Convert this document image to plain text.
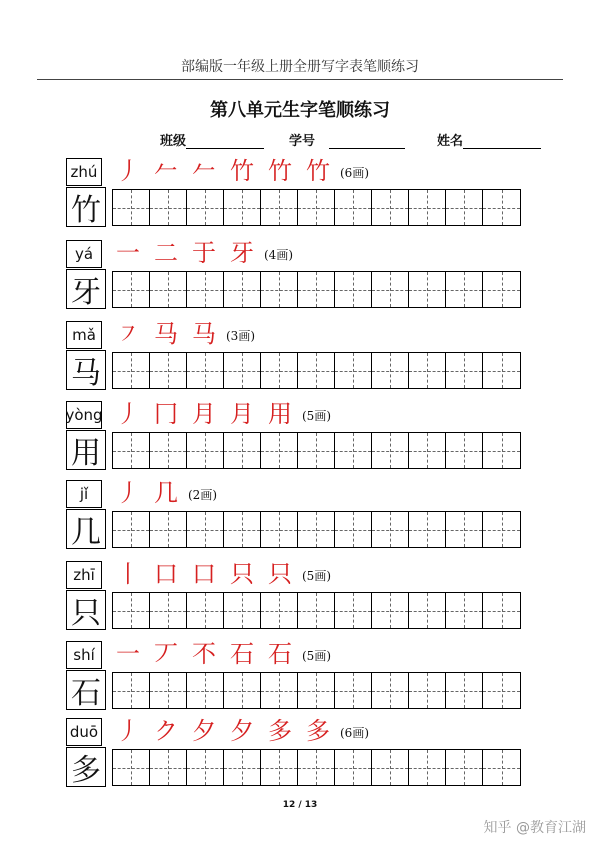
部编版一年级上册全册写字表笔顺练习
第八单元生字笔顺练习
班级	学号	姓名
zhú
竹
丿 𠂉 𠂉 竹 竹 竹 (6画)
yá
牙
一 二 于 牙 (4画)
mǎ
马
㇇ 马 马 (3画)
yòng
用
丿 冂 月 月 用 (5画)
jǐ
几
丿 几 (2画)
zhī
只
丨 口 口 只 只 (5画)
shí
石
一 丆 不 石 石 (5画)
duō
多
丿 ク 夕 夕 多 多 (6画)
12 / 13
知乎 @教育江湖
